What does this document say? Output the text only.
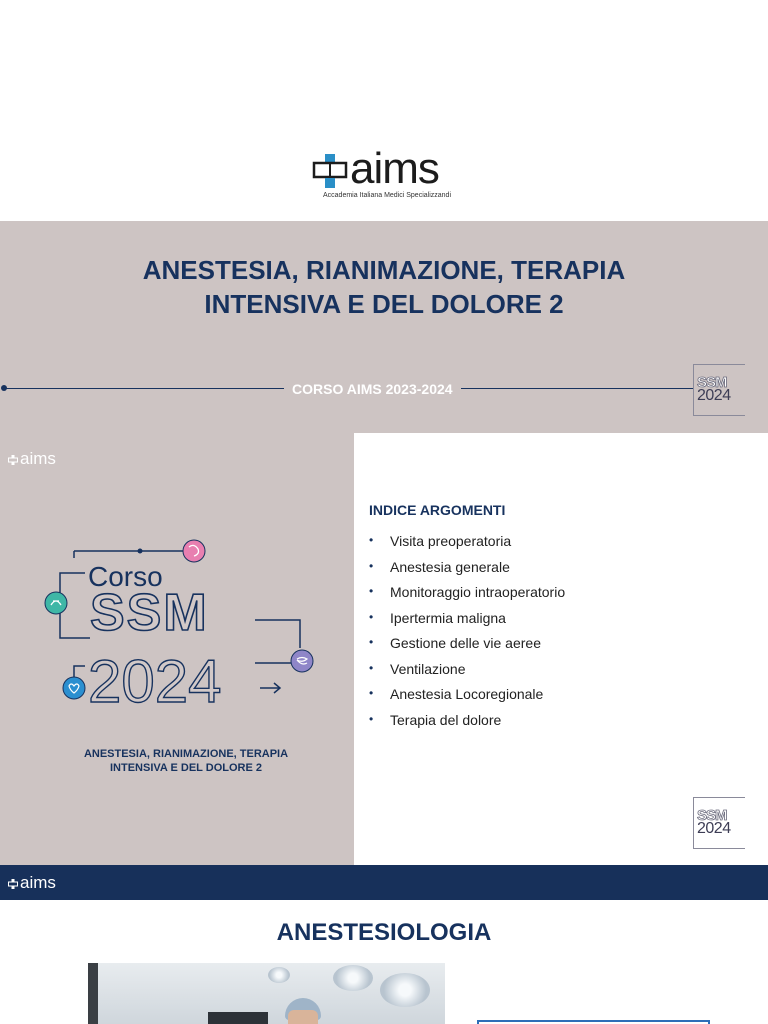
aims
Accademia Italiana Medici Specializzandi
ANESTESIA, RIANIMAZIONE, TERAPIA
INTENSIVA E DEL DOLORE 2
CORSO AIMS 2023-2024	SSM
2024
aims
Corso
SSM
2024
ANESTESIA, RIANIMAZIONE, TERAPIA
INTENSIVA E DEL DOLORE 2
INDICE ARGOMENTI
• Visita preoperatoria
• Anestesia generale
• Monitoraggio intraoperatorio
• Ipertermia maligna
• Gestione delle vie aeree
• Ventilazione
• Anestesia Locoregionale
• Terapia del dolore
SSM
2024
aims
ANESTESIOLOGIA
